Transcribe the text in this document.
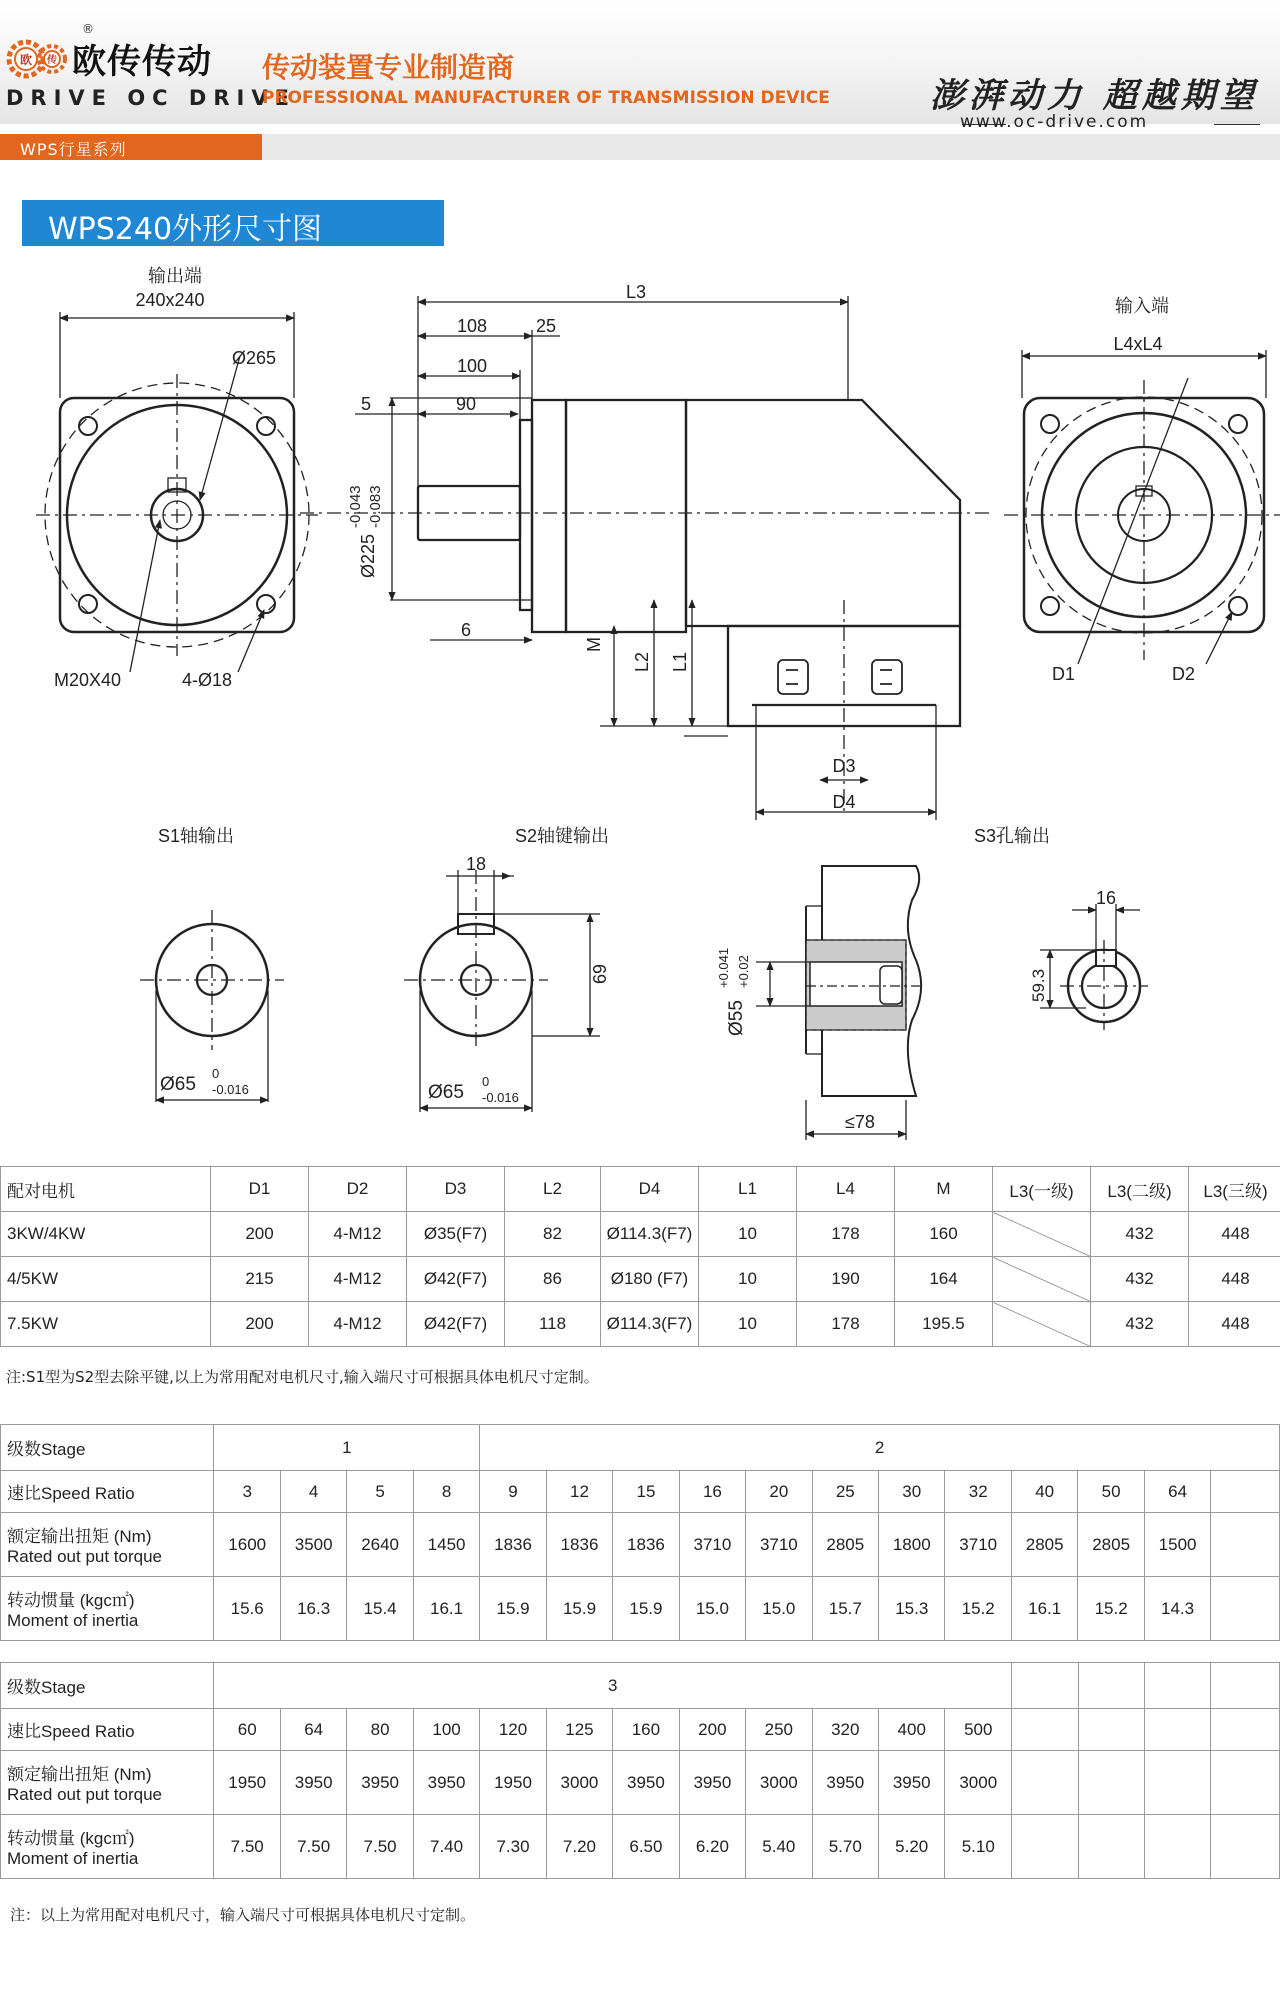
欧 传
®
欧传传动
DRIVE OC DRIVE
传动装置专业制造商
PROFESSIONAL MANUFACTURER OF TRANSMISSION DEVICE	澎湃动力 超越期望
www.oc-drive.com
WPS行星系列
WPS240外形尺寸图
输出端
240x240
Ø265
M20X40	4-Ø18
L3
108	25
100
90
5
Ø225
-0.043 -0.083
6
M
L2 L1
D3
D4
输入端
L4xL4
D1	D2
S1轴输出
Ø65
0
-0.016
S2轴键输出
18
69
Ø65
0
-0.016
S3孔输出
Ø55
+0.041 +0.02
≤78
16
59.3
配对电机	D1	D2	D3	L2	D4	L1	L4	M	L3(一级)	L3(二级)	L3(三级)
3KW/4KW	200	4-M12	Ø35(F7)	82	Ø114.3(F7)	10	178	160		432	448
4/5KW	215	4-M12	Ø42(F7)	86	Ø180 (F7)	10	190	164		432	448
7.5KW	200	4-M12	Ø42(F7)	118	Ø114.3(F7)	10	178	195.5		432	448
注:S1型为S2型去除平键,以上为常用配对电机尺寸,输入端尺寸可根据具体电机尺寸定制。
级数Stage	1				2											

速比Speed Ratio	3	4	5	8	9	12	15	16	20	25	30	32	40	50	64	

额定输出扭矩 (Nm)
Rated out put torque	1600	3500	2640	1450	1836	1836	1836	3710	3710	2805	1800	3710	2805	2805	1500	

转动惯量 (kgc㎡)
Moment of inertia	15.6	16.3	15.4	16.1	15.9	15.9	15.9	15.0	15.0	15.7	15.3	15.2	16.1	15.2	14.3	
级数Stage	3															

速比Speed Ratio	60	64	80	100	120	125	160	200	250	320	400	500				

额定输出扭矩 (Nm)
Rated out put torque	1950	3950	3950	3950	1950	3000	3950	3950	3000	3950	3950	3000				

转动惯量 (kgc㎡)
Moment of inertia	7.50	7.50	7.50	7.40	7.30	7.20	6.50	6.20	5.40	5.70	5.20	5.10				
注：以上为常用配对电机尺寸，输入端尺寸可根据具体电机尺寸定制。
